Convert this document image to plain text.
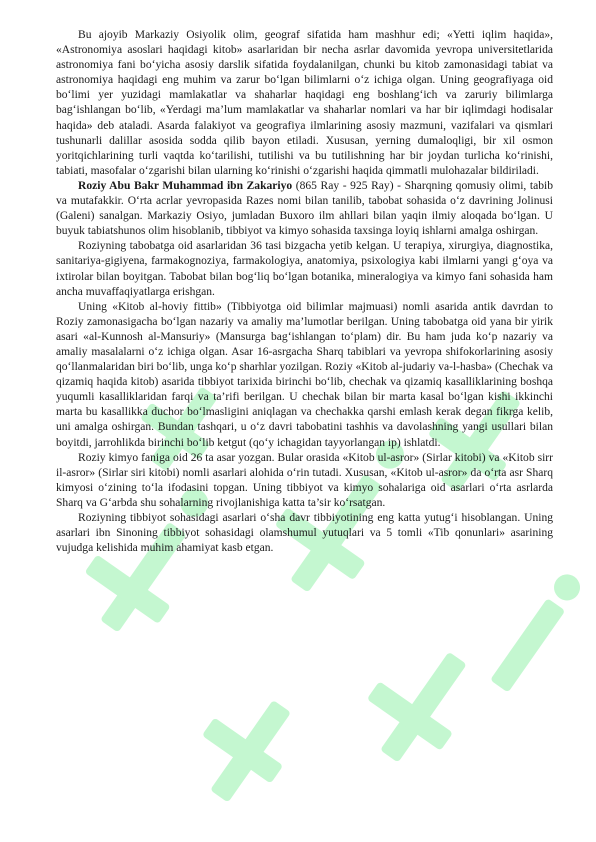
Bu ajoyib Markaziy Osiyolik olim, geograf sifatida ham mashhur edi; «Yetti iqlim haqida», «Astronomiya asoslari haqidagi kitob» asarlaridan bir necha asrlar davomida yevropa universitetlarida astronomiya fani bo‘yicha asosiy darslik sifatida foydalanilgan, chunki bu kitob zamonasidagi tabiat va astronomiya haqidagi eng muhim va zarur bo‘lgan bilimlarni o‘z ichiga olgan. Uning geografiyaga oid bo‘limi yer yuzidagi mamlakatlar va shaharlar haqidagi eng boshlang‘ich va zaruriy bilimlarga bag‘ishlangan bo‘lib, «Yerdagi ma’lum mamlakatlar va shaharlar nomlari va har bir iqlimdagi hodisalar haqida» deb ataladi. Asarda falakiyot va geografiya ilmlarining asosiy mazmuni, vazifalari va qismlari tushunarli dalillar asosida sodda qilib bayon etiladi. Xususan, yerning dumaloqligi, bir xil osmon yoritqichlarining turli vaqtda ko‘tarilishi, tutilishi va bu tutilishning har bir joydan turlicha ko‘rinishi, tabiati, masofalar o‘zgarishi bilan ularning ko‘rinishi o‘zgarishi haqida qimmatli mulohazalar bildiriladi.

Roziy Abu Bakr Muhammad ibn Zakariyo (865 Ray - 925 Ray) - Sharqning qomusiy olimi, tabib va mutafakkir. O‘rta acrlar yevropasida Razes nomi bilan tanilib, tabobat sohasida o‘z davrining Jolinusi (Galeni) sanalgan. Markaziy Osiyo, jumladan Buxoro ilm ahllari bilan yaqin ilmiy aloqada bo‘lgan. U buyuk tabiatshunos olim hisoblanib, tibbiyot va kimyo sohasida taxsinga loyiq ishlarni amalga oshirgan.

Roziyning tabobatga oid asarlaridan 36 tasi bizgacha yetib kelgan. U terapiya, xirurgiya, diagnostika, sanitariya-gigiyena, farmakognoziya, farmakologiya, anatomiya, psixologiya kabi ilmlarni yangi g‘oya va ixtirolar bilan boyitgan. Tabobat bilan bog‘liq bo‘lgan botanika, mineralogiya va kimyo fani sohasida ham ancha muvaffaqiyatlarga erishgan.

Uning «Kitob al-hoviy fittib» (Tibbiyotga oid bilimlar majmuasi) nomli asarida antik davrdan to Roziy zamonasigacha bo‘lgan nazariy va amaliy ma’lumotlar berilgan. Uning tabobatga oid yana bir yirik asari «al-Kunnosh al-Mansuriy» (Mansurga bag‘ishlangan to‘plam) dir. Bu ham juda ko‘p nazariy va amaliy masalalarni o‘z ichiga olgan. Asar 16-asrgacha Sharq tabiblari va yevropa shifokorlarining asosiy qo‘llanmalaridan biri bo‘lib, unga ko‘p sharhlar yozilgan. Roziy «Kitob al-judariy va-l-hasba» (Chechak va qizamiq haqida kitob) asarida tibbiyot tarixida birinchi bo‘lib, chechak va qizamiq kasalliklarining boshqa yuqumli kasalliklaridan farqi va ta’rifi berilgan. U chechak bilan bir marta kasal bo‘lgan kishi ikkinchi marta bu kasallikka duchor bo‘lmasligini aniqlagan va chechakka qarshi emlash kerak degan fikrga kelib, uni amalga oshirgan. Bundan tashqari, u o‘z davri tabobatini tashhis va davolashning yangi usullari bilan boyitdi, jarrohlikda birinchi bo‘lib ketgut (qo‘y ichagidan tayyorlangan ip) ishlatdi.

Roziy kimyo faniga oid 26 ta asar yozgan. Bular orasida «Kitob ul-asror» (Sirlar kitobi) va «Kitob sirr il-asror» (Sirlar siri kitobi) nomli asarlari alohida o‘rin tutadi. Xususan, «Kitob ul-asror» da o‘rta asr Sharq kimyosi o‘zining to‘la ifodasini topgan. Uning tibbiyot va kimyo sohalariga oid asarlari o‘rta asrlarda Sharq va G‘arbda shu sohalarning rivojlanishiga katta ta’sir ko‘rsatgan.

Roziyning tibbiyot sohasidagi asarlari o‘sha davr tibbiyotining eng katta yutug‘i hisoblangan. Uning asarlari ibn Sinoning tibbiyot sohasidagi olamshumul yutuqlari va 5 tomli «Tib qonunlari» asarining vujudga kelishida muhim ahamiyat kasb etgan.
